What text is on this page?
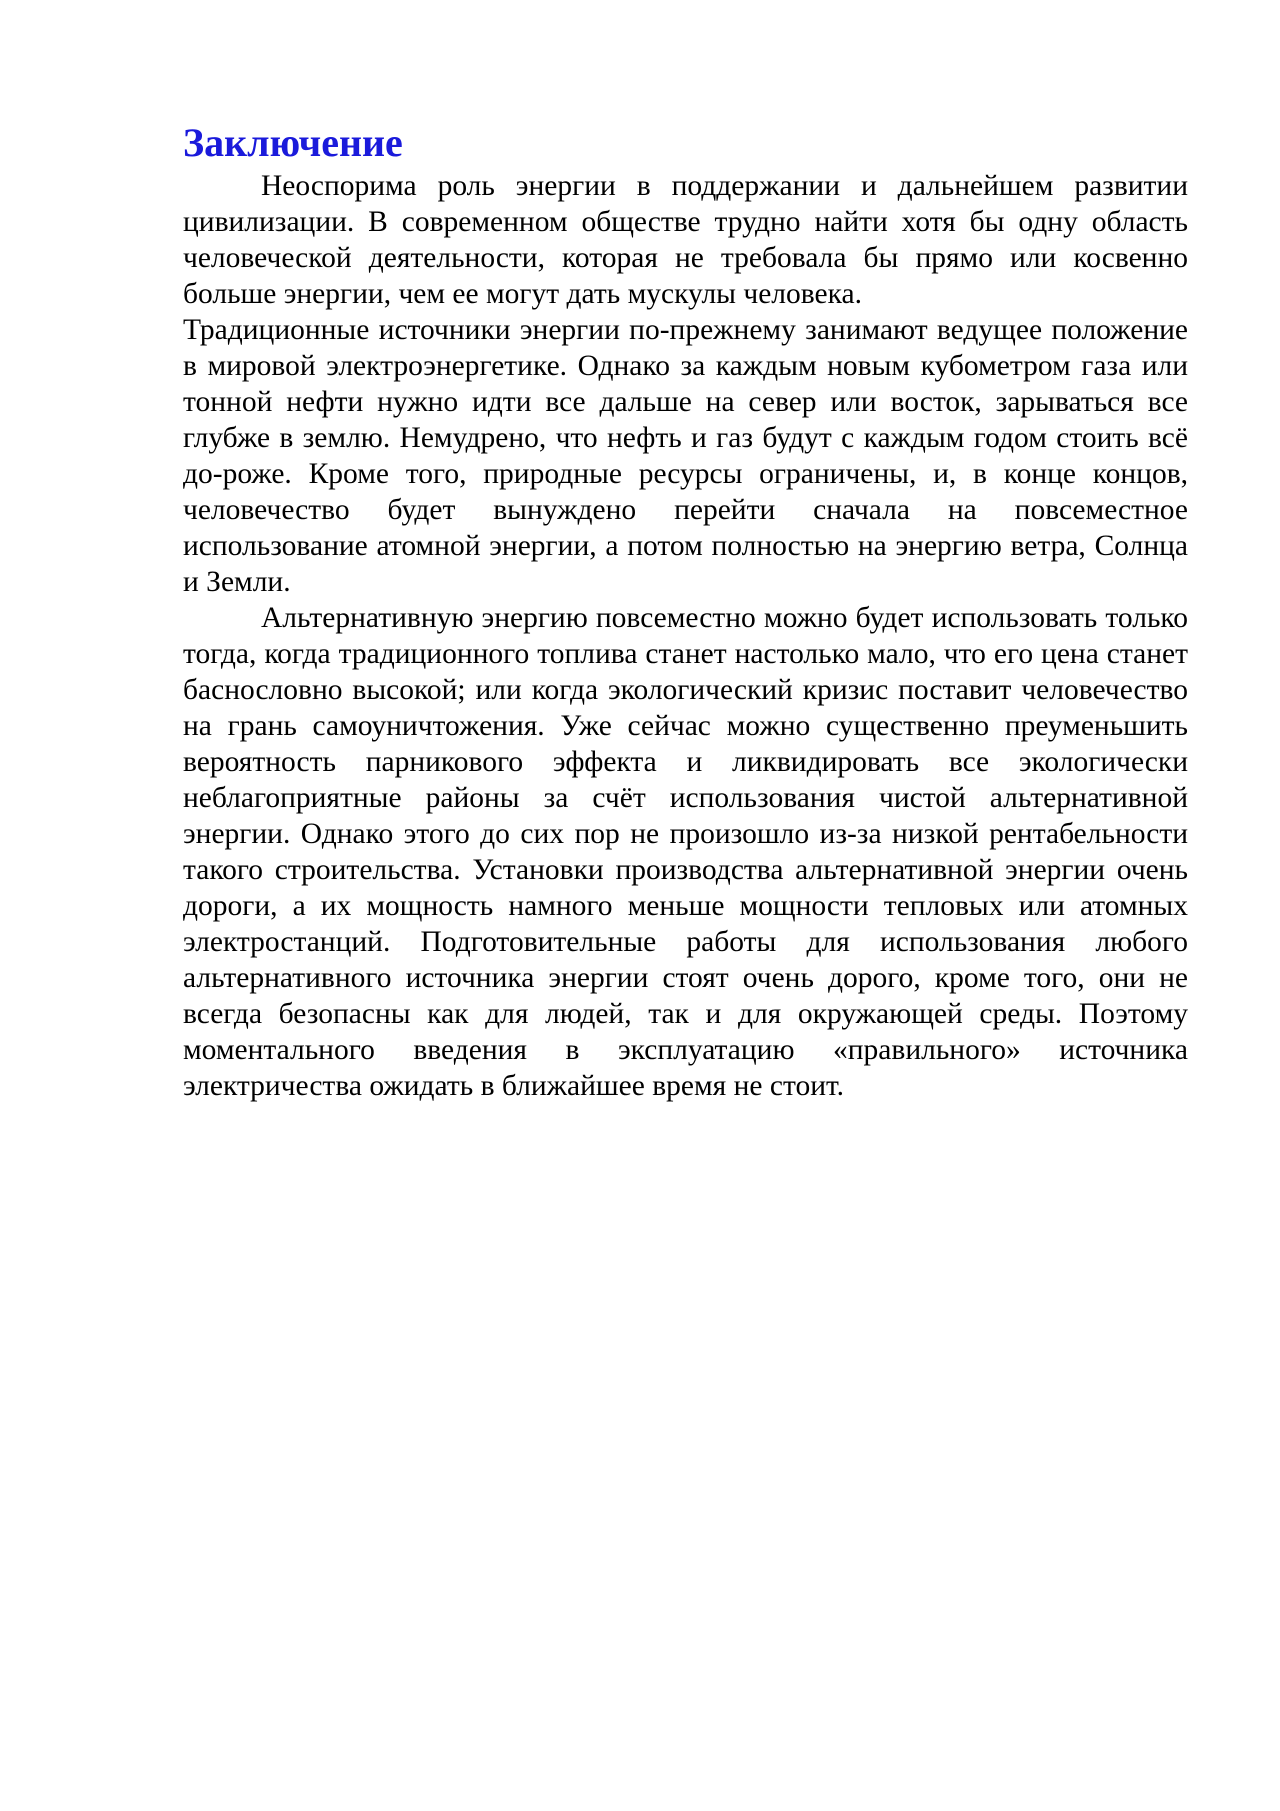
Заключение

Неоспорима роль энергии в поддержании и дальнейшем развитии цивилизации. В современном обществе трудно найти хотя бы одну область человеческой деятельности, которая не требовала бы прямо или косвенно больше энергии, чем ее могут дать мускулы человека.

Традиционные источники энергии по-прежнему занимают ведущее положение в мировой электроэнергетике. Однако за каждым новым кубометром газа или тонной нефти нужно идти все дальше на север или восток, зарываться все глубже в землю. Немудрено, что нефть и газ будут с каждым годом стоить всё до-роже. Кроме того, природные ресурсы ограничены, и, в конце концов, человечество будет вынуждено перейти сначала на повсеместное использование атомной энергии, а потом полностью на энергию ветра, Солнца и Земли.

Альтернативную энергию повсеместно можно будет использовать только тогда, когда традиционного топлива станет настолько мало, что его цена станет баснословно высокой; или когда экологический кризис поставит человечество на грань самоуничтожения. Уже сейчас можно существенно преуменьшить вероятность парникового эффекта и ликвидировать все экологически неблагоприятные районы за счёт использования чистой альтернативной энергии. Однако этого до сих пор не произошло из-за низкой рентабельности такого строительства. Установки производства альтернативной энергии очень дороги, а их мощность намного меньше мощности тепловых или атомных электростанций. Подготовительные работы для использования любого альтернативного источника энергии стоят очень дорого, кроме того, они не всегда безопасны как для людей, так и для окружающей среды. Поэтому моментального введения в эксплуатацию «правильного» источника электричества ожидать в ближайшее время не стоит.
